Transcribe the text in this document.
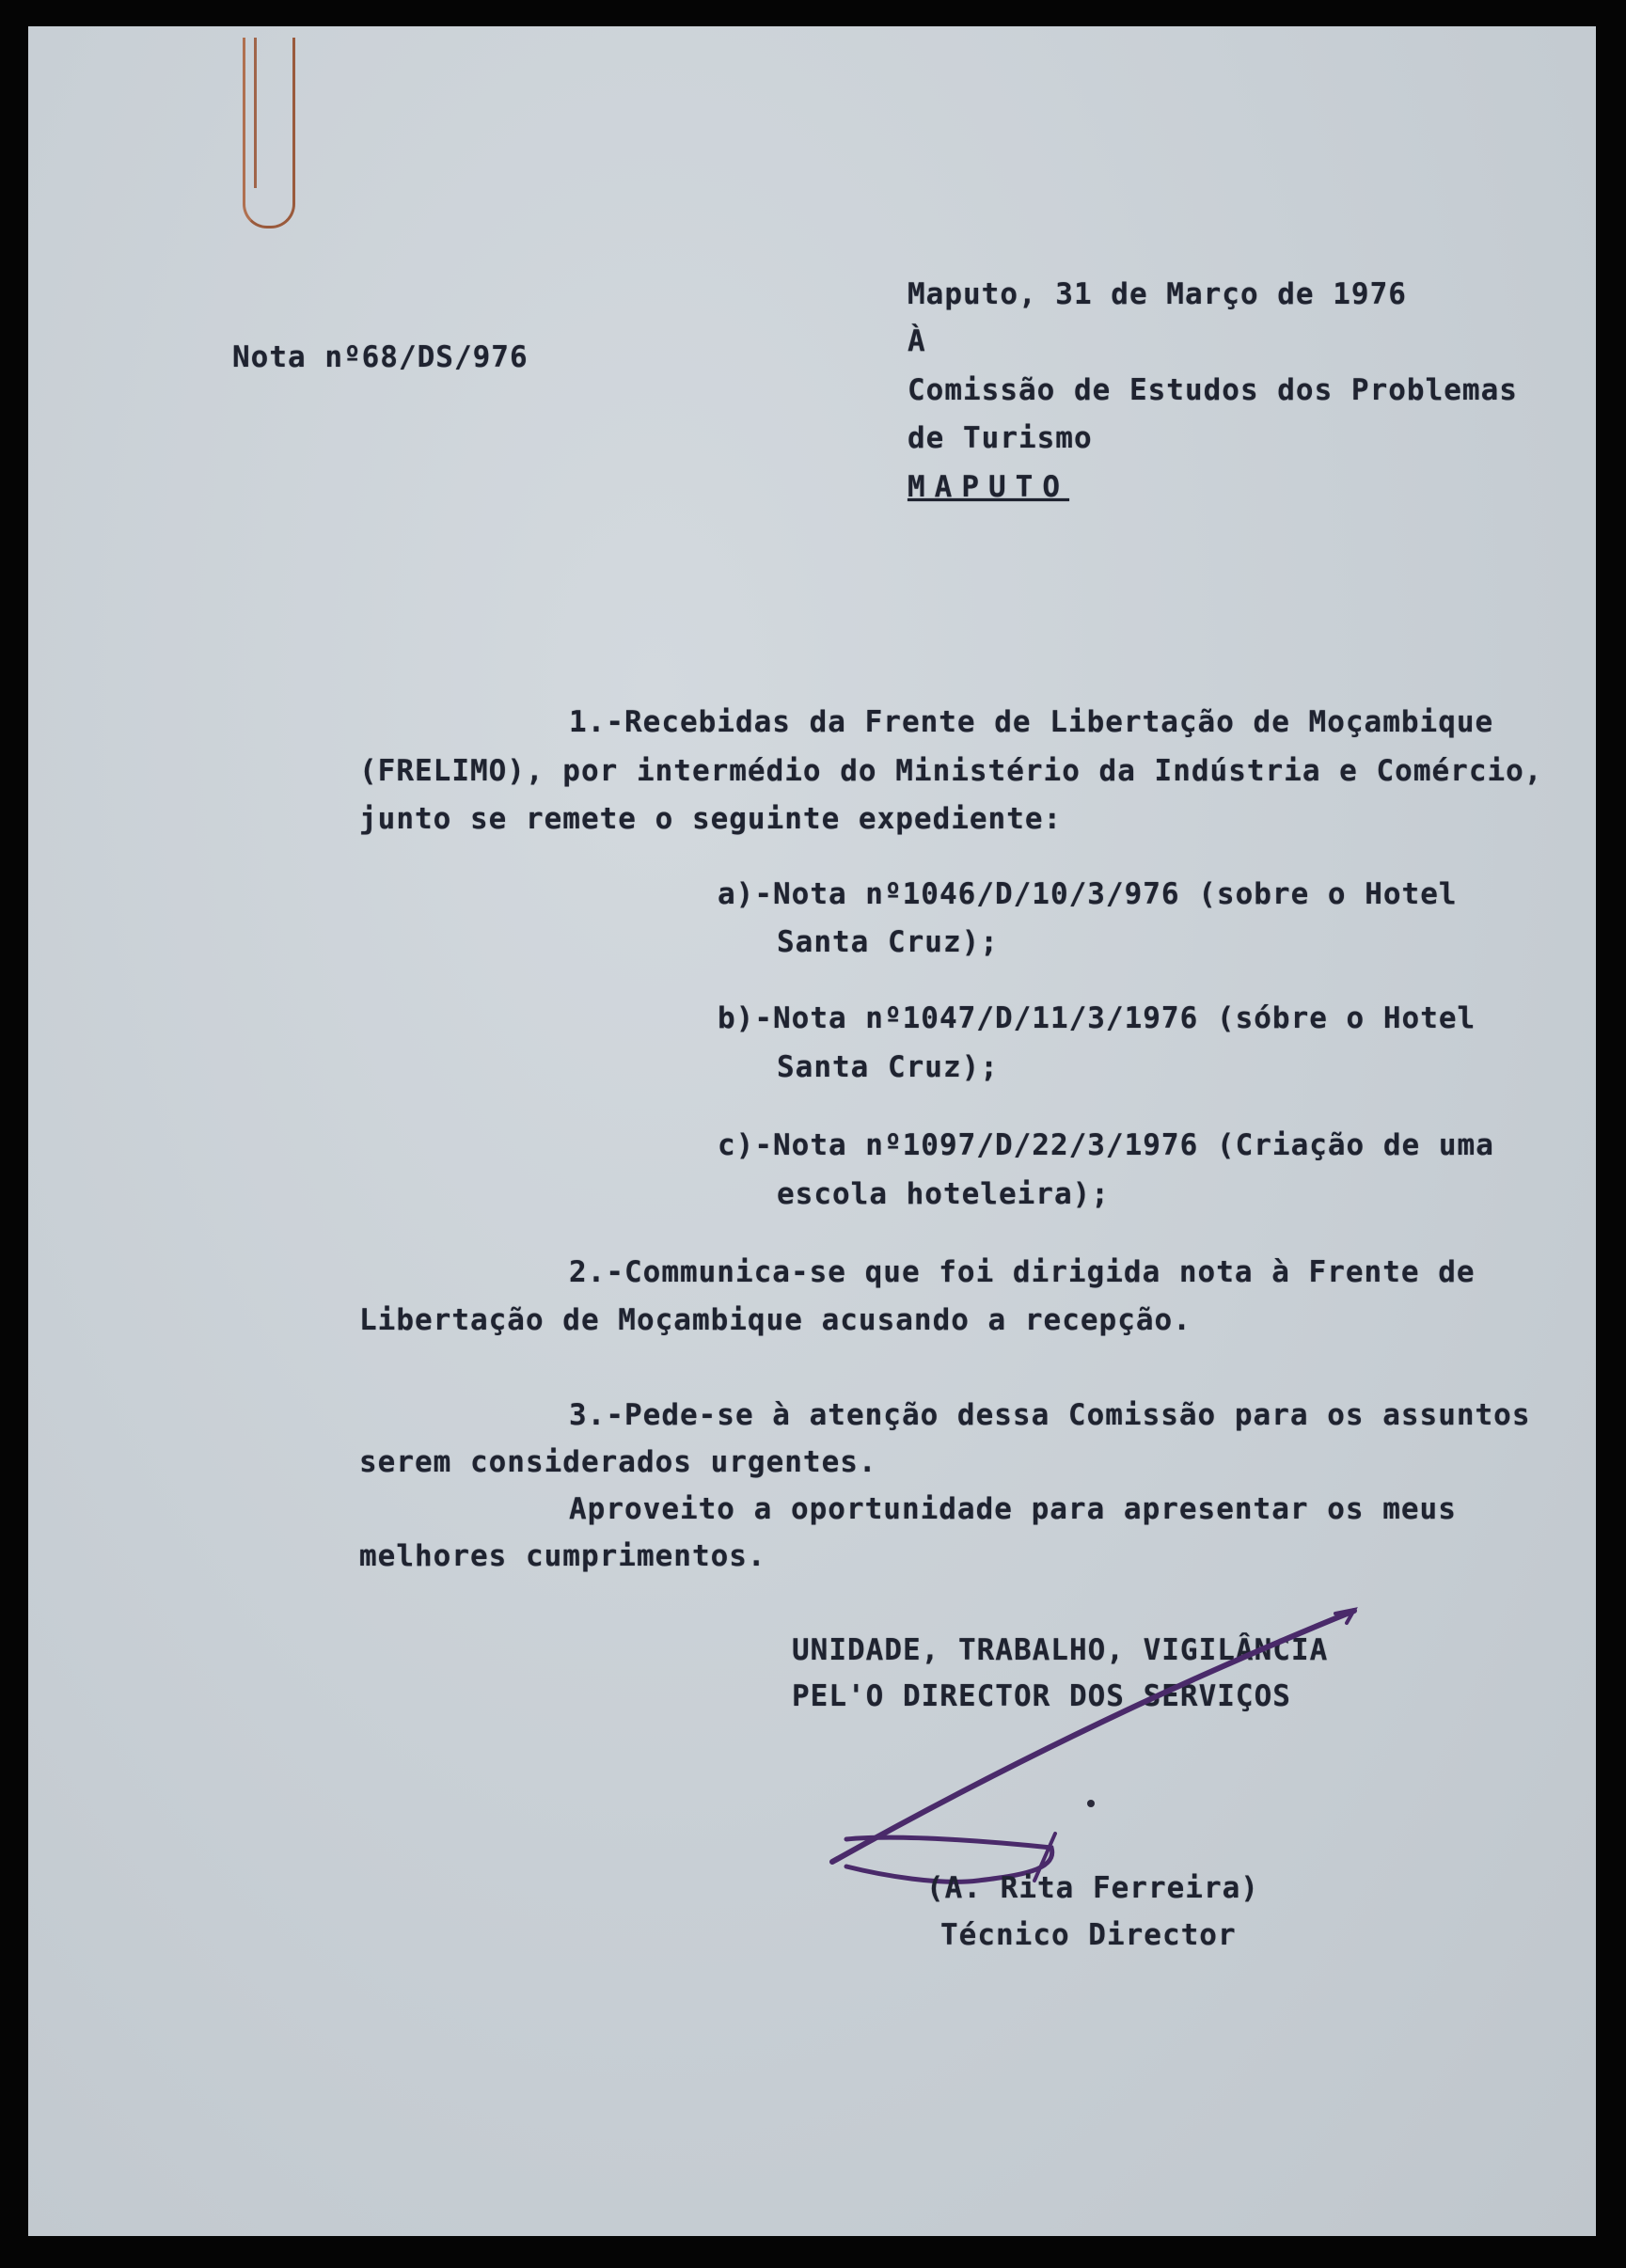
Maputo, 31 de Março de 1976
À
Nota nº68/DS/976
Comissão de Estudos dos Problemas
de Turismo
MAPUTO
1.-Recebidas da Frente de Libertação de Moçambique
(FRELIMO), por intermédio do Ministério da Indústria e Comércio,
junto se remete o seguinte expediente:
a)-Nota nº1046/D/10/3/976 (sobre o Hotel
Santa Cruz);
b)-Nota nº1047/D/11/3/1976 (sóbre o Hotel
Santa Cruz);
c)-Nota nº1097/D/22/3/1976 (Criação de uma
escola hoteleira);
2.-Communica-se que foi dirigida nota à Frente de
Libertação de Moçambique acusando a recepção.
3.-Pede-se à atenção dessa Comissão para os assuntos
serem considerados urgentes.
Aproveito a oportunidade para apresentar os meus
melhores cumprimentos.
UNIDADE, TRABALHO, VIGILÂNCIA
PEL'O DIRECTOR DOS SERVIÇOS
(A. Rita Ferreira)
Técnico Director
